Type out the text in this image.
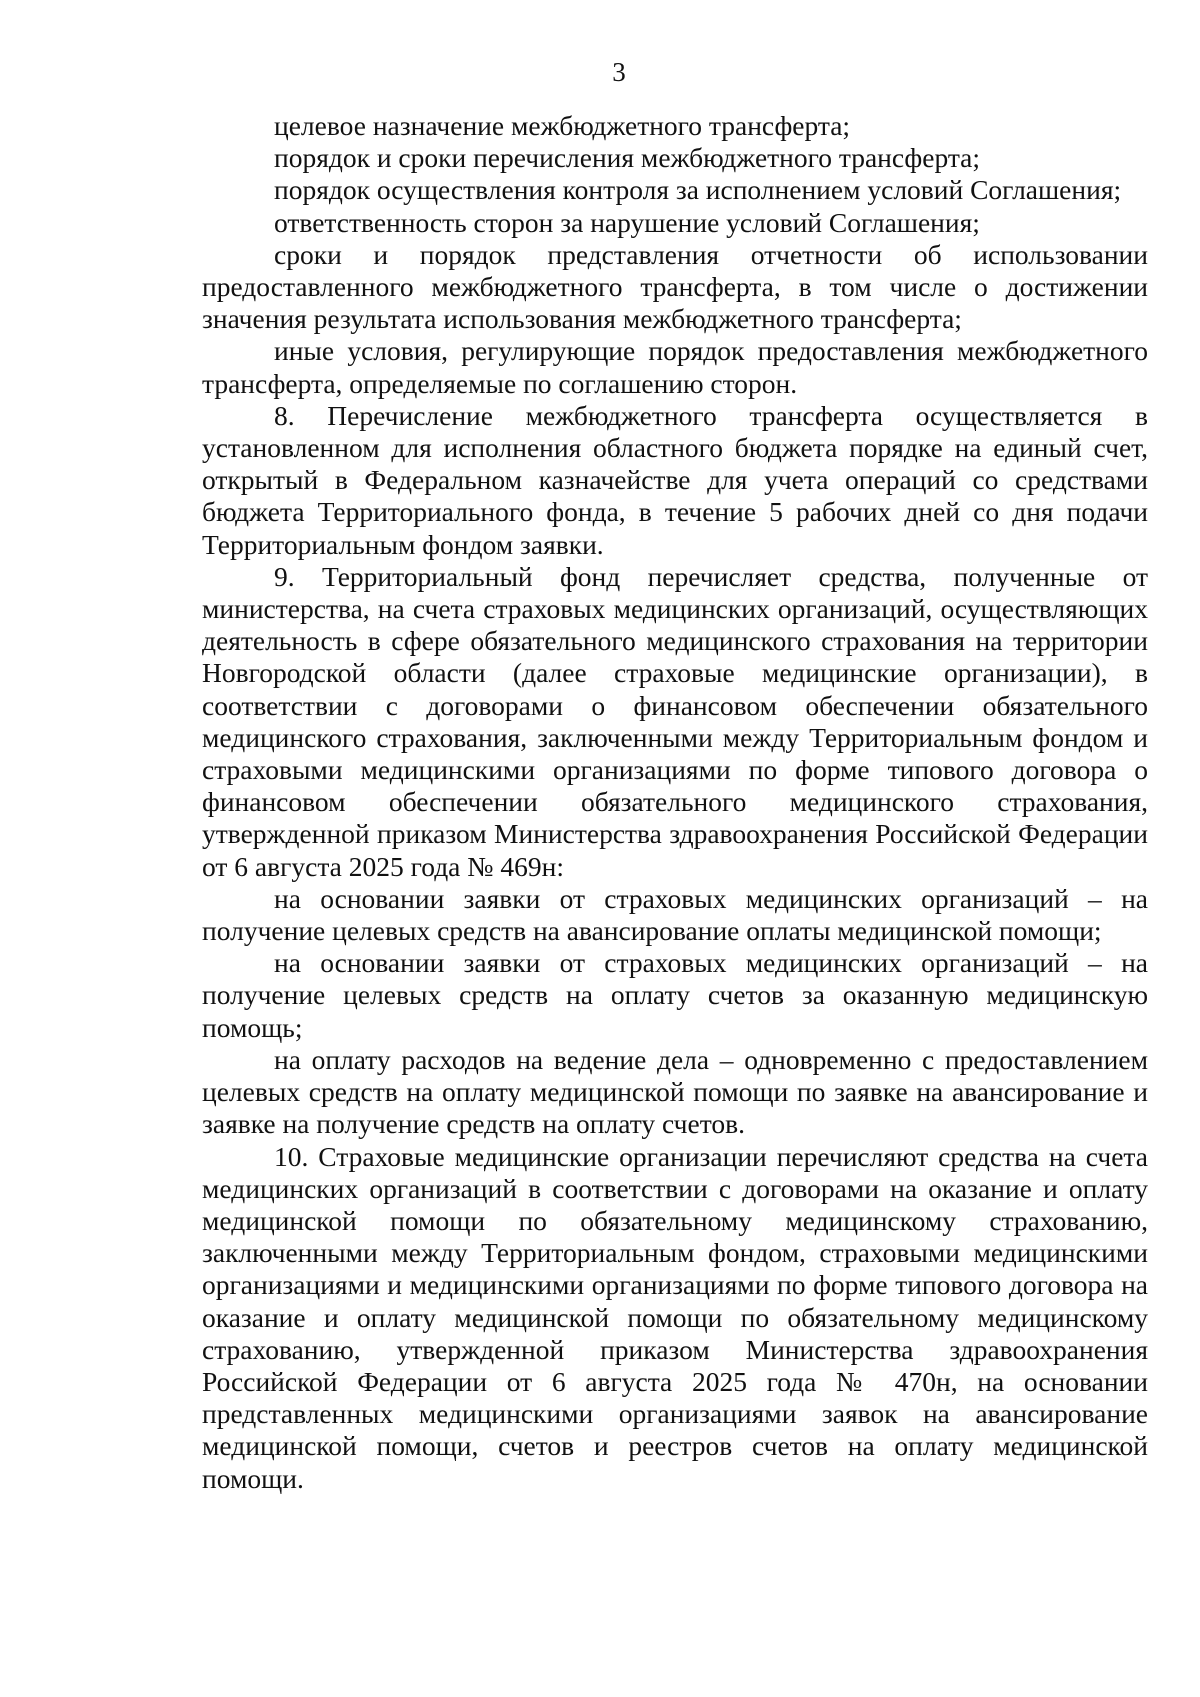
3

целевое назначение межбюджетного трансферта;

порядок и сроки перечисления межбюджетного трансферта;

порядок осуществления контроля за исполнением условий Соглашения;

ответственность сторон за нарушение условий Соглашения;

сроки и порядок представления отчетности об использовании предоставленного межбюджетного трансферта, в том числе о достижении значения результата использования межбюджетного трансферта;

иные условия, регулирующие порядок предоставления межбюджетного трансферта, определяемые по соглашению сторон.

8. Перечисление межбюджетного трансферта осуществляется в установленном для исполнения областного бюджета порядке на единый счет, открытый в Федеральном казначействе для учета операций со средствами бюджета Территориального фонда, в течение 5 рабочих дней со дня подачи Территориальным фондом заявки.

9. Территориальный фонд перечисляет средства, полученные от министерства, на счета страховых медицинских организаций, осуществляющих деятельность в сфере обязательного медицинского страхования на территории Новгородской области (далее страховые медицинские организации), в соответствии с договорами о финансовом обеспечении обязательного медицинского страхования, заключенными между Территориальным фондом и страховыми медицинскими организациями по форме типового договора о финансовом обеспечении обязательного медицинского страхования, утвержденной приказом Министерства здравоохранения Российской Федерации от 6 августа 2025 года № 469н:

на основании заявки от страховых медицинских организаций – на получение целевых средств на авансирование оплаты медицинской помощи;

на основании заявки от страховых медицинских организаций – на получение целевых средств на оплату счетов за оказанную медицинскую помощь;

на оплату расходов на ведение дела – одновременно с предоставлением целевых средств на оплату медицинской помощи по заявке на авансирование и заявке на получение средств на оплату счетов.

10. Страховые медицинские организации перечисляют средства на счета медицинских организаций в соответствии с договорами на оказание и оплату медицинской помощи по обязательному медицинскому страхованию, заключенными между Территориальным фондом, страховыми медицинскими организациями и медицинскими организациями по форме типового договора на оказание и оплату медицинской помощи по обязательному медицинскому страхованию, утвержденной приказом Министерства здравоохранения Российской Федерации от 6 августа 2025 года № 470н, на основании представленных медицинскими организациями заявок на авансирование медицинской помощи, счетов и реестров счетов на оплату медицинской помощи.
